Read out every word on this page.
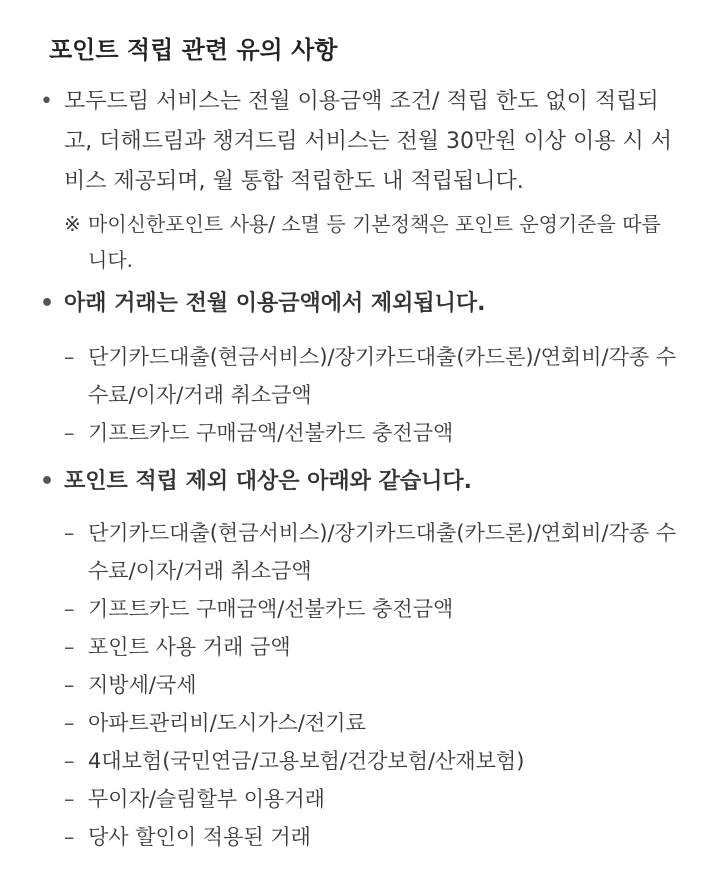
포인트 적립 관련 유의 사항
• 모두드림 서비스는 전월 이용금액 조건/ 적립 한도 없이 적립되고, 더해드림과 챙겨드림 서비스는 전월 30만원 이상 이용 시 서비스 제공되며, 월 통합 적립한도 내 적립됩니다.
※ 마이신한포인트 사용/ 소멸 등 기본정책은 포인트 운영기준을 따릅니다.
• 아래 거래는 전월 이용금액에서 제외됩니다.
– 단기카드대출(현금서비스)/장기카드대출(카드론)/연회비/각종 수수료/이자/거래 취소금액
– 기프트카드 구매금액/선불카드 충전금액
• 포인트 적립 제외 대상은 아래와 같습니다.
– 단기카드대출(현금서비스)/장기카드대출(카드론)/연회비/각종 수수료/이자/거래 취소금액
– 기프트카드 구매금액/선불카드 충전금액
– 포인트 사용 거래 금액
– 지방세/국세
– 아파트관리비/도시가스/전기료
– 4대보험(국민연금/고용보험/건강보험/산재보험)
– 무이자/슬림할부 이용거래
– 당사 할인이 적용된 거래
